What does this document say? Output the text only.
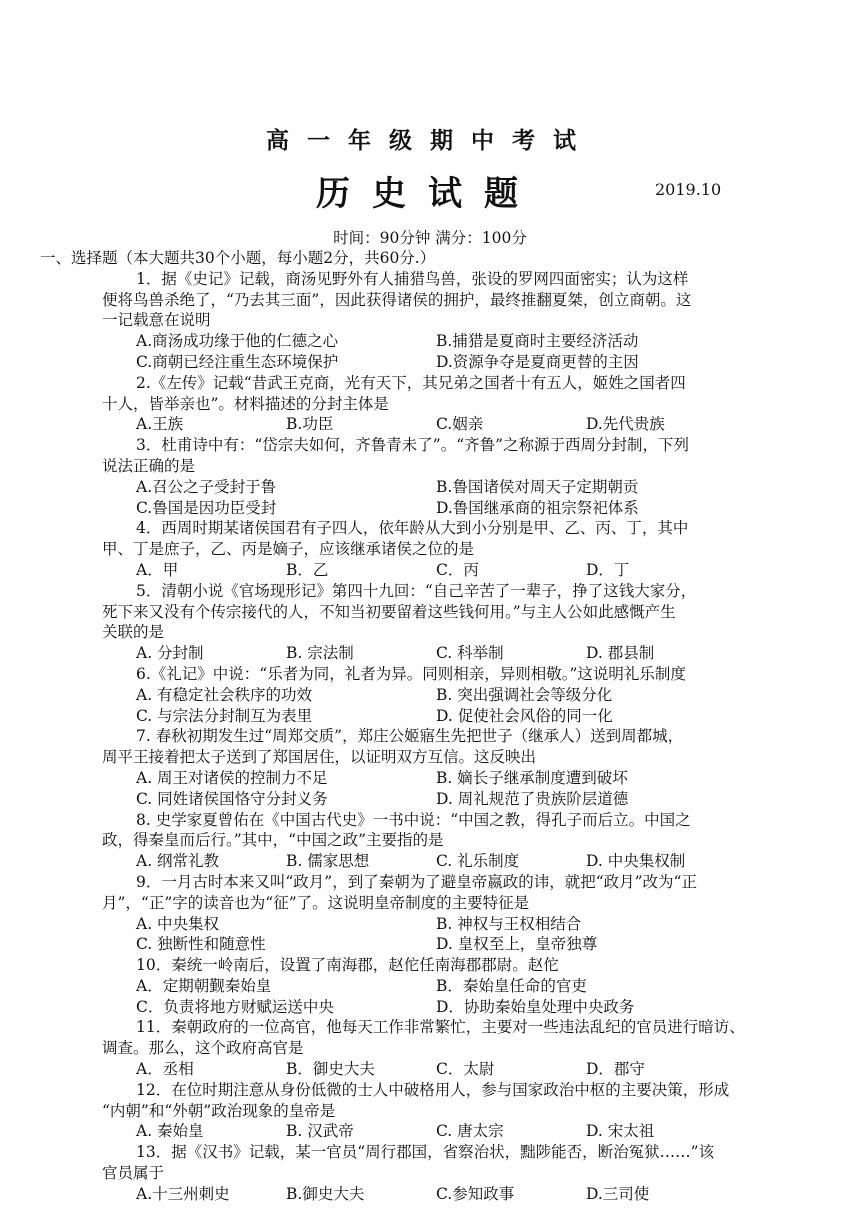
高一年级期中考试
历史试题	2019.10
时间：90分钟 满分：100分
一、选择题（本大题共30个小题，每小题2分，共60分.）
1．据《史记》记载，商汤见野外有人捕猎鸟兽，张设的罗网四面密实；认为这样
便将鸟兽杀绝了，“乃去其三面”，因此获得诸侯的拥护，最终推翻夏桀，创立商朝。这
一记载意在说明
A.商汤成功缘于他的仁德之心	B.捕猎是夏商时主要经济活动
C.商朝已经注重生态环境保护	D.资源争夺是夏商更替的主因
2.《左传》记载“昔武王克商，光有天下，其兄弟之国者十有五人，姬姓之国者四
十人，皆举亲也”。材料描述的分封主体是
A.王族	B.功臣	C.姻亲	D.先代贵族
3．杜甫诗中有：“岱宗夫如何，齐鲁青未了”。“齐鲁”之称源于西周分封制，下列
说法正确的是
A.召公之子受封于鲁	B.鲁国诸侯对周天子定期朝贡
C.鲁国是因功臣受封	D.鲁国继承商的祖宗祭祀体系
4．西周时期某诸侯国君有子四人，依年龄从大到小分别是甲、乙、丙、丁，其中
甲、丁是庶子，乙、丙是嫡子，应该继承诸侯之位的是
A．甲	B．乙	C．丙	D．丁
5．清朝小说《官场现形记》第四十九回：“自己辛苦了一辈子，挣了这钱大家分，
死下来又没有个传宗接代的人，不知当初要留着这些钱何用。”与主人公如此感慨产生
关联的是
A. 分封制	B. 宗法制	C. 科举制	D. 郡县制
6.《礼记》中说：“乐者为同，礼者为异。同则相亲，异则相敬。”这说明礼乐制度
A. 有稳定社会秩序的功效	B. 突出强调社会等级分化
C. 与宗法分封制互为表里	D. 促使社会风俗的同一化
7. 春秋初期发生过“周郑交质”，郑庄公姬寤生先把世子（继承人）送到周都城，
周平王接着把太子送到了郑国居住，以证明双方互信。这反映出
A. 周王对诸侯的控制力不足	B. 嫡长子继承制度遭到破坏
C. 同姓诸侯国恪守分封义务	D. 周礼规范了贵族阶层道德
8. 史学家夏曾佑在《中国古代史》一书中说：“中国之教，得孔子而后立。中国之
政，得秦皇而后行。”其中，“中国之政”主要指的是
A. 纲常礼教	B. 儒家思想	C. 礼乐制度	D. 中央集权制
9．一月古时本来又叫“政月”，到了秦朝为了避皇帝嬴政的讳，就把“政月”改为“正
月”，“正”字的读音也为“征”了。这说明皇帝制度的主要特征是
A. 中央集权	B. 神权与王权相结合
C. 独断性和随意性	D. 皇权至上，皇帝独尊
10．秦统一岭南后，设置了南海郡，赵佗任南海郡郡尉。赵佗
A．定期朝觐秦始皇	B．秦始皇任命的官吏
C．负责将地方财赋运送中央	D．协助秦始皇处理中央政务
11．秦朝政府的一位高官，他每天工作非常繁忙，主要对一些违法乱纪的官员进行暗访、
调查。那么，这个政府高官是
A．丞相	B．御史大夫	C．太尉	D．郡守
12．在位时期注意从身份低微的士人中破格用人，参与国家政治中枢的主要决策，形成
“内朝”和“外朝”政治现象的皇帝是
A. 秦始皇	B. 汉武帝	C. 唐太宗	D. 宋太祖
13．据《汉书》记载，某一官员“周行郡国，省察治状，黜陟能否，断治冤狱……”该
官员属于
A.十三州刺史	B.御史大夫	C.参知政事	D.三司使
